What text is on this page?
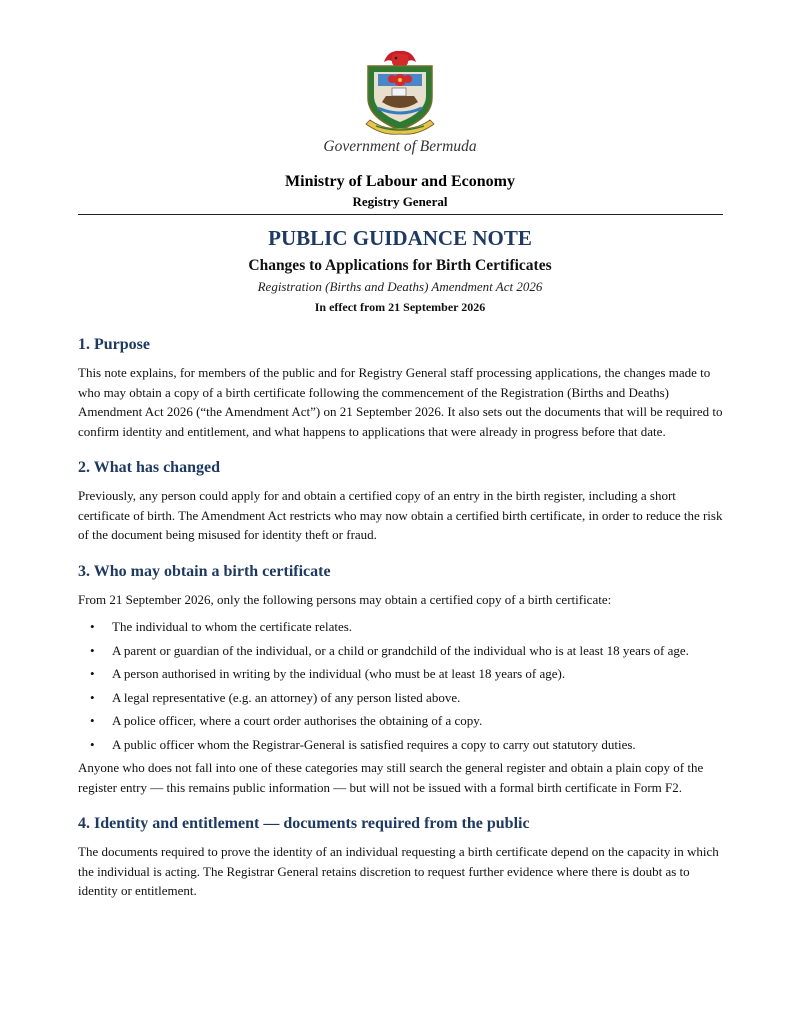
Government of Bermuda
Ministry of Labour and Economy
Registry General
PUBLIC GUIDANCE NOTE
Changes to Applications for Birth Certificates
Registration (Births and Deaths) Amendment Act 2026
In effect from 21 September 2026
1. Purpose

This note explains, for members of the public and for Registry General staff processing applications, the changes made to who may obtain a copy of a birth certificate following the commencement of the Registration (Births and Deaths) Amendment Act 2026 (“the Amendment Act”) on 21 September 2026. It also sets out the documents that will be required to confirm identity and entitlement, and what happens to applications that were already in progress before that date.

2. What has changed

Previously, any person could apply for and obtain a certified copy of an entry in the birth register, including a short certificate of birth. The Amendment Act restricts who may now obtain a certified birth certificate, in order to reduce the risk of the document being misused for identity theft or fraud.

3. Who may obtain a birth certificate

From 21 September 2026, only the following persons may obtain a certified copy of a birth certificate:

• The individual to whom the certificate relates.
• A parent or guardian of the individual, or a child or grandchild of the individual who is at least 18 years of age.
• A person authorised in writing by the individual (who must be at least 18 years of age).
• A legal representative (e.g. an attorney) of any person listed above.
• A police officer, where a court order authorises the obtaining of a copy.
• A public officer whom the Registrar-General is satisfied requires a copy to carry out statutory duties.

Anyone who does not fall into one of these categories may still search the general register and obtain a plain copy of the register entry — this remains public information — but will not be issued with a formal birth certificate in Form F2.

4. Identity and entitlement — documents required from the public

The documents required to prove the identity of an individual requesting a birth certificate depend on the capacity in which the individual is acting. The Registrar General retains discretion to request further evidence where there is doubt as to identity or entitlement.
